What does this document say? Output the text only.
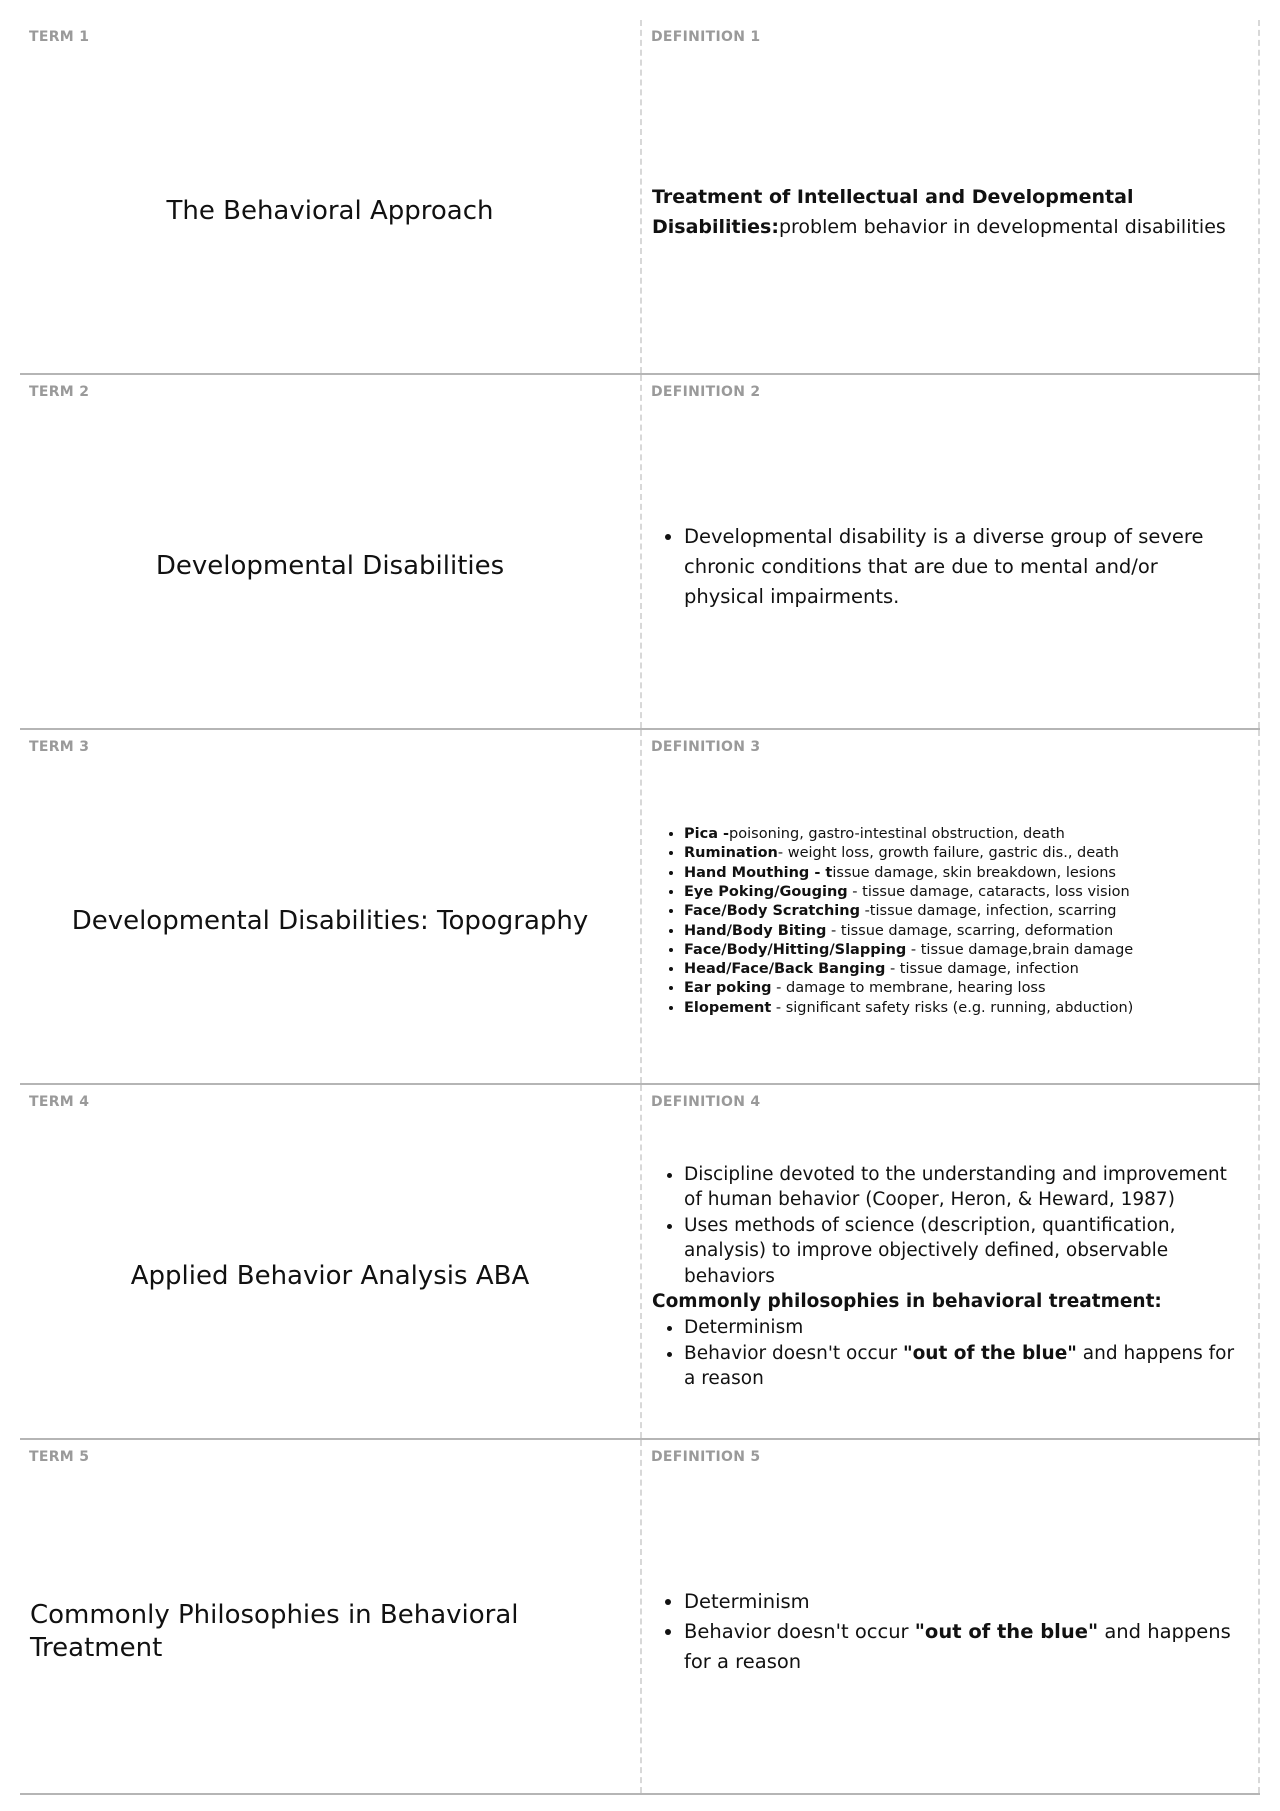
TERM 1
The Behavioral Approach
DEFINITION 1
Treatment of Intellectual and Developmental Disabilities:problem behavior in developmental disabilities
TERM 2
Developmental Disabilities
DEFINITION 2
• Developmental disability is a diverse group of severe chronic conditions that are due to mental and/or physical impairments.
TERM 3
Developmental Disabilities: Topography
DEFINITION 3
• Pica -poisoning, gastro-intestinal obstruction, death
• Rumination- weight loss, growth failure, gastric dis., death
• Hand Mouthing - tissue damage, skin breakdown, lesions
• Eye Poking/Gouging - tissue damage, cataracts, loss vision
• Face/Body Scratching -tissue damage, infection, scarring
• Hand/Body Biting - tissue damage, scarring, deformation
• Face/Body/Hitting/Slapping - tissue damage,brain damage
• Head/Face/Back Banging - tissue damage, infection
• Ear poking - damage to membrane, hearing loss
• Elopement - significant safety risks (e.g. running, abduction)
TERM 4
Applied Behavior Analysis ABA
DEFINITION 4
• Discipline devoted to the understanding and improvement of human behavior (Cooper, Heron, & Heward, 1987)
• Uses methods of science (description, quantification, analysis) to improve objectively defined, observable behaviors
Commonly philosophies in behavioral treatment:
• Determinism
• Behavior doesn't occur "out of the blue" and happens for a reason
TERM 5
Commonly Philosophies in Behavioral Treatment
DEFINITION 5
• Determinism
• Behavior doesn't occur "out of the blue" and happens for a reason
